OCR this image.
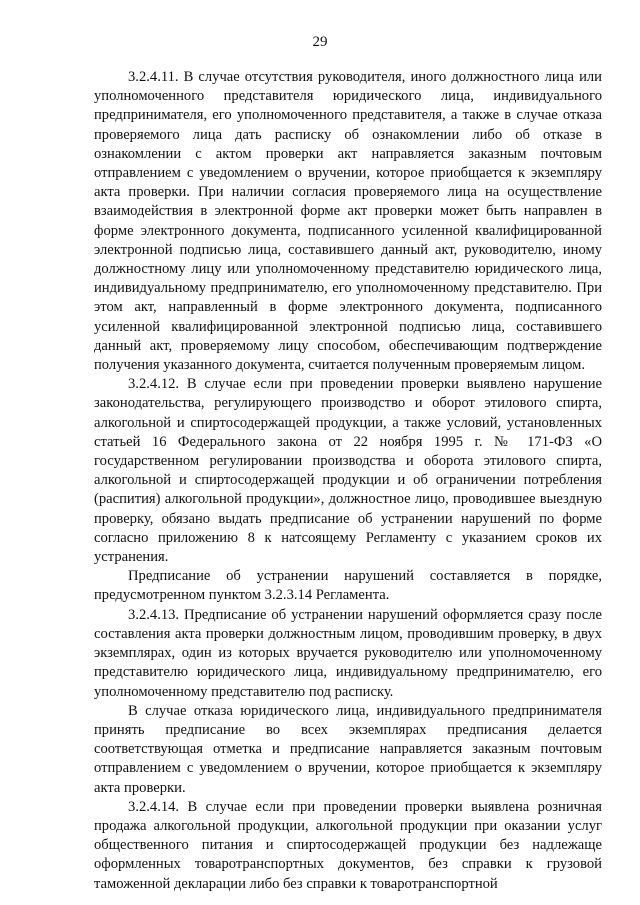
29

3.2.4.11. В случае отсутствия руководителя, иного должностного лица или уполномоченного представителя юридического лица, индивидуального предпринимателя, его уполномоченного представителя, а также в случае отказа проверяемого лица дать расписку об ознакомлении либо об отказе в ознакомлении с актом проверки акт направляется заказным почтовым отправлением с уведомлением о вручении, которое приобщается к экземпляру акта проверки. При наличии согласия проверяемого лица на осуществление взаимодействия в электронной форме акт проверки может быть направлен в форме электронного документа, подписанного усиленной квалифицированной электронной подписью лица, составившего данный акт, руководителю, иному должностному лицу или уполномоченному представителю юридического лица, индивидуальному предпринимателю, его уполномоченному представителю. При этом акт, направленный в форме электронного документа, подписанного усиленной квалифицированной электронной подписью лица, составившего данный акт, проверяемому лицу способом, обеспечивающим подтверждение получения указанного документа, считается полученным проверяемым лицом.

3.2.4.12. В случае если при проведении проверки выявлено нарушение законодательства, регулирующего производство и оборот этилового спирта, алкогольной и спиртосодержащей продукции, а также условий, установленных статьей 16 Федерального закона от 22 ноября 1995 г. № 171-ФЗ «О государственном регулировании производства и оборота этилового спирта, алкогольной и спиртосодержащей продукции и об ограничении потребления (распития) алкогольной продукции», должностное лицо, проводившее выездную проверку, обязано выдать предписание об устранении нарушений по форме согласно приложению 8 к натсоящему Регламенту с указанием сроков их устранения.

Предписание об устранении нарушений составляется в порядке, предусмотренном пунктом 3.2.3.14 Регламента.

3.2.4.13. Предписание об устранении нарушений оформляется сразу после составления акта проверки должностным лицом, проводившим проверку, в двух экземплярах, один из которых вручается руководителю или уполномоченному представителю юридического лица, индивидуальному предпринимателю, его уполномоченному представителю под расписку.

В случае отказа юридического лица, индивидуального предпринимателя принять предписание во всех экземплярах предписания делается соответствующая отметка и предписание направляется заказным почтовым отправлением с уведомлением о вручении, которое приобщается к экземпляру акта проверки.

3.2.4.14. В случае если при проведении проверки выявлена розничная продажа алкогольной продукции, алкогольной продукции при оказании услуг общественного питания и спиртосодержащей продукции без надлежаще оформленных товаротранспортных документов, без справки к грузовой таможенной декларации либо без справки к товаротранспортной
